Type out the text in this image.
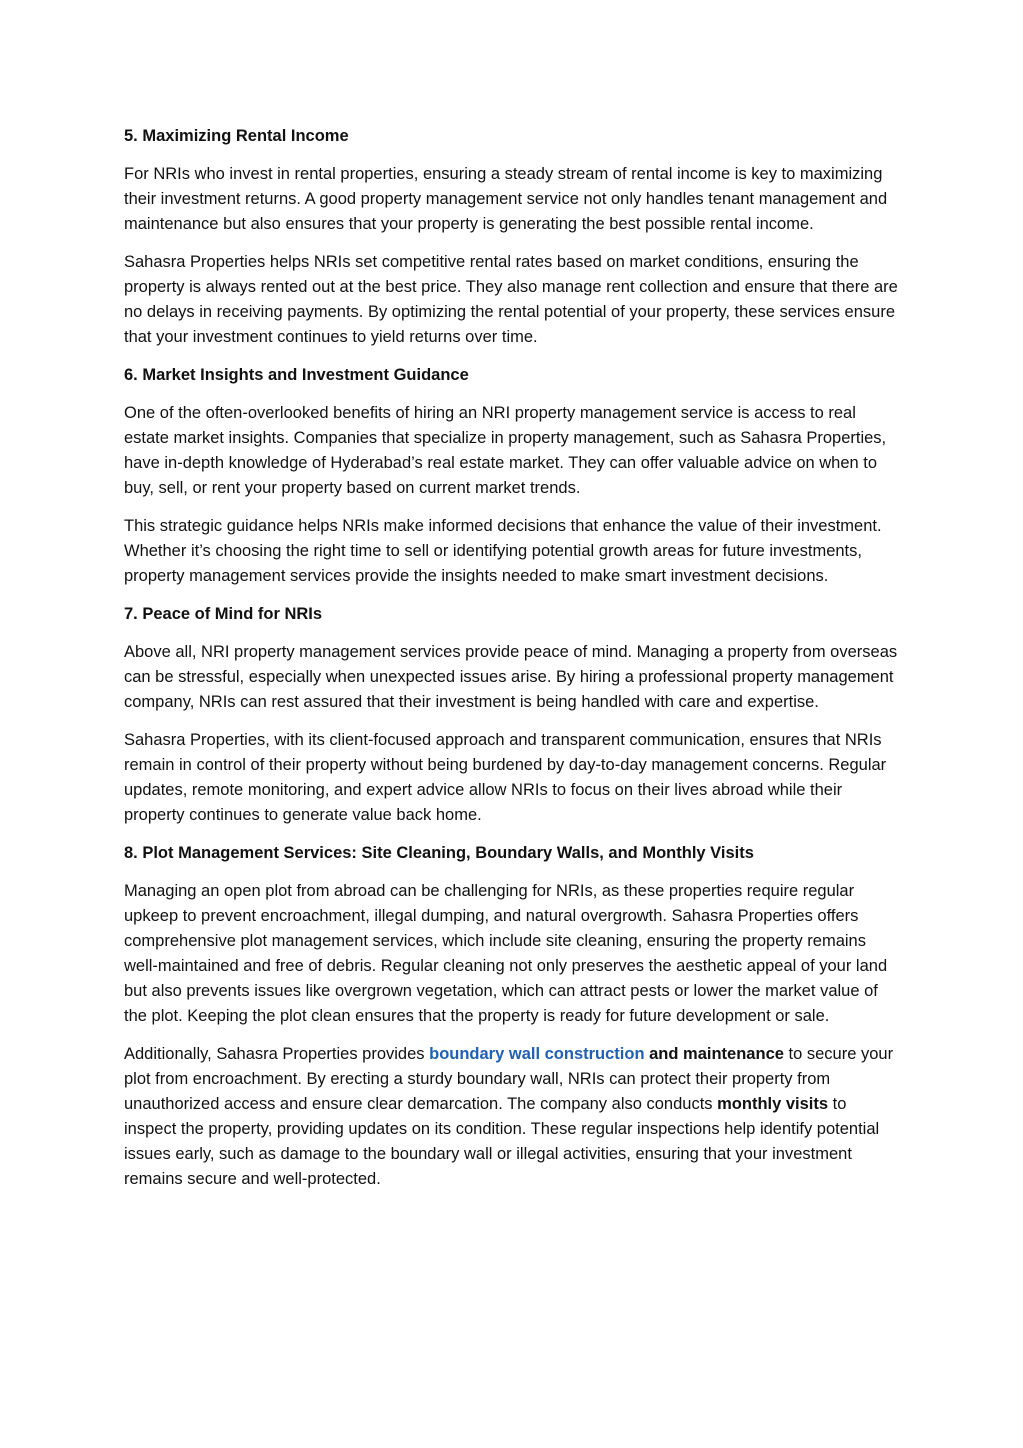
5. Maximizing Rental Income

For NRIs who invest in rental properties, ensuring a steady stream of rental income is key to maximizing their investment returns. A good property management service not only handles tenant management and maintenance but also ensures that your property is generating the best possible rental income.

Sahasra Properties helps NRIs set competitive rental rates based on market conditions, ensuring the property is always rented out at the best price. They also manage rent collection and ensure that there are no delays in receiving payments. By optimizing the rental potential of your property, these services ensure that your investment continues to yield returns over time.

6. Market Insights and Investment Guidance

One of the often-overlooked benefits of hiring an NRI property management service is access to real estate market insights. Companies that specialize in property management, such as Sahasra Properties, have in-depth knowledge of Hyderabad’s real estate market. They can offer valuable advice on when to buy, sell, or rent your property based on current market trends.

This strategic guidance helps NRIs make informed decisions that enhance the value of their investment. Whether it’s choosing the right time to sell or identifying potential growth areas for future investments, property management services provide the insights needed to make smart investment decisions.

7. Peace of Mind for NRIs

Above all, NRI property management services provide peace of mind. Managing a property from overseas can be stressful, especially when unexpected issues arise. By hiring a professional property management company, NRIs can rest assured that their investment is being handled with care and expertise.

Sahasra Properties, with its client-focused approach and transparent communication, ensures that NRIs remain in control of their property without being burdened by day-to-day management concerns. Regular updates, remote monitoring, and expert advice allow NRIs to focus on their lives abroad while their property continues to generate value back home.

8. Plot Management Services: Site Cleaning, Boundary Walls, and Monthly Visits

Managing an open plot from abroad can be challenging for NRIs, as these properties require regular upkeep to prevent encroachment, illegal dumping, and natural overgrowth. Sahasra Properties offers comprehensive plot management services, which include site cleaning, ensuring the property remains well-maintained and free of debris. Regular cleaning not only preserves the aesthetic appeal of your land but also prevents issues like overgrown vegetation, which can attract pests or lower the market value of the plot. Keeping the plot clean ensures that the property is ready for future development or sale.

Additionally, Sahasra Properties provides boundary wall construction and maintenance to secure your plot from encroachment. By erecting a sturdy boundary wall, NRIs can protect their property from unauthorized access and ensure clear demarcation. The company also conducts monthly visits to inspect the property, providing updates on its condition. These regular inspections help identify potential issues early, such as damage to the boundary wall or illegal activities, ensuring that your investment remains secure and well-protected.
